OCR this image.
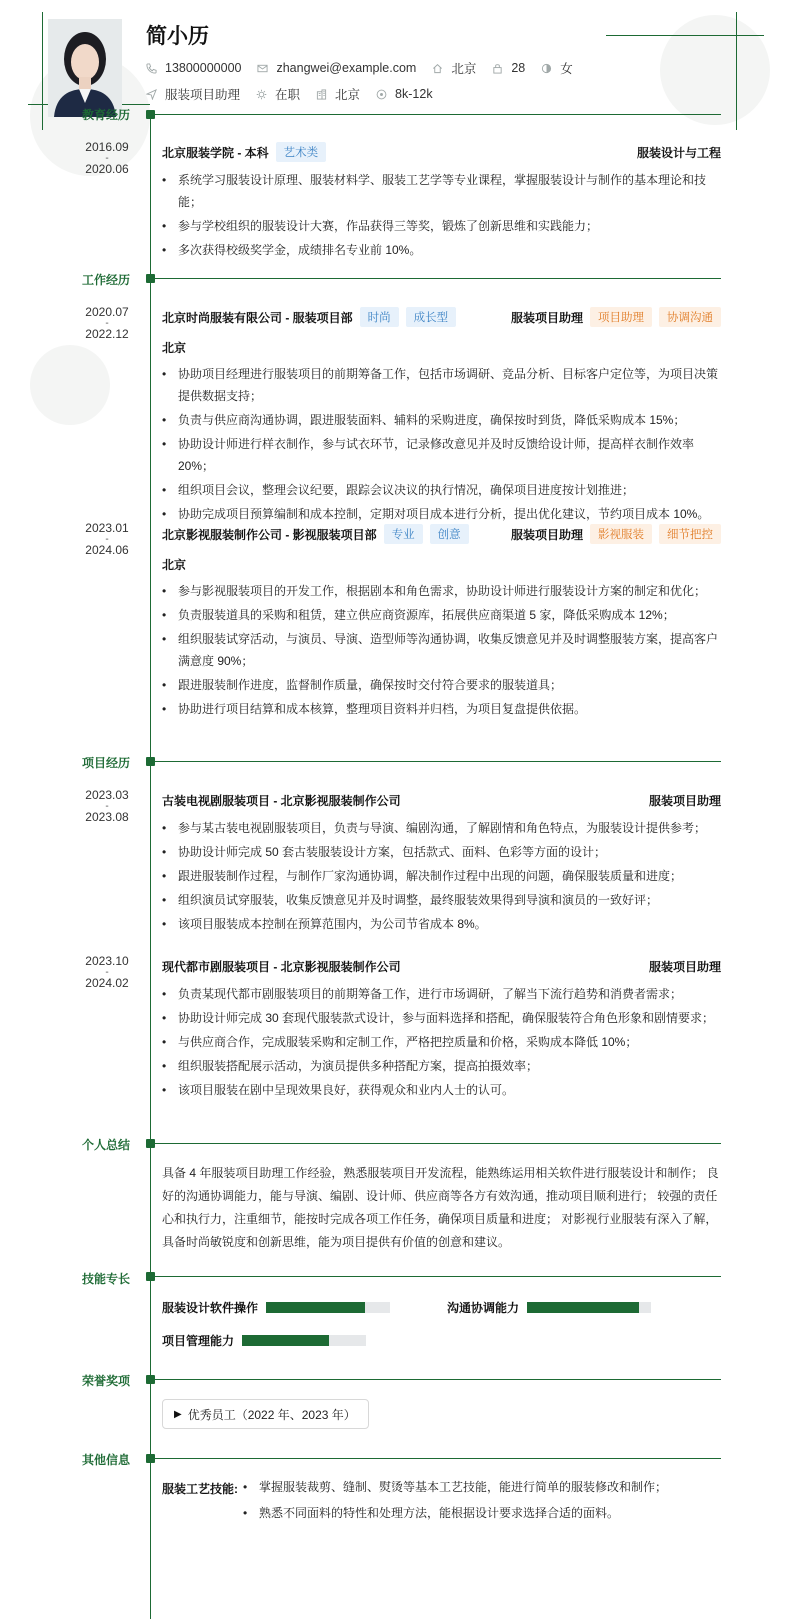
简小历
13800000000	zhangwei@example.com	北京	28	女
服装项目助理	在职	北京	8k-12k
教育经历
2016.09
-
2020.06
北京服装学院 - 本科	艺术类	服装设计与工程
• 系统学习服装设计原理、服装材料学、服装工艺学等专业课程，掌握服装设计与制作的基本理论和技能；
• 参与学校组织的服装设计大赛，作品获得三等奖，锻炼了创新思维和实践能力；
• 多次获得校级奖学金，成绩排名专业前 10%。
工作经历
2020.07
-
2022.12
北京时尚服装有限公司 - 服装项目部	时尚	成长型	服装项目助理	项目助理	协调沟通
北京
• 协助项目经理进行服装项目的前期筹备工作，包括市场调研、竞品分析、目标客户定位等，为项目决策提供数据支持；
• 负责与供应商沟通协调，跟进服装面料、辅料的采购进度，确保按时到货，降低采购成本 15%；
• 协助设计师进行样衣制作，参与试衣环节，记录修改意见并及时反馈给设计师，提高样衣制作效率 20%；
• 组织项目会议，整理会议纪要，跟踪会议决议的执行情况，确保项目进度按计划推进；
• 协助完成项目预算编制和成本控制，定期对项目成本进行分析，提出优化建议，节约项目成本 10%。
2023.01
-
2024.06
北京影视服装制作公司 - 影视服装项目部	专业	创意	服装项目助理	影视服装	细节把控
北京
• 参与影视服装项目的开发工作，根据剧本和角色需求，协助设计师进行服装设计方案的制定和优化；
• 负责服装道具的采购和租赁，建立供应商资源库，拓展供应商渠道 5 家，降低采购成本 12%；
• 组织服装试穿活动，与演员、导演、造型师等沟通协调，收集反馈意见并及时调整服装方案，提高客户满意度 90%；
• 跟进服装制作进度，监督制作质量，确保按时交付符合要求的服装道具；
• 协助进行项目结算和成本核算，整理项目资料并归档，为项目复盘提供依据。
项目经历
2023.03
-
2023.08
古装电视剧服装项目 - 北京影视服装制作公司	服装项目助理
• 参与某古装电视剧服装项目，负责与导演、编剧沟通，了解剧情和角色特点，为服装设计提供参考；
• 协助设计师完成 50 套古装服装设计方案，包括款式、面料、色彩等方面的设计；
• 跟进服装制作过程，与制作厂家沟通协调，解决制作过程中出现的问题，确保服装质量和进度；
• 组织演员试穿服装，收集反馈意见并及时调整，最终服装效果得到导演和演员的一致好评；
• 该项目服装成本控制在预算范围内，为公司节省成本 8%。
2023.10
-
2024.02
现代都市剧服装项目 - 北京影视服装制作公司	服装项目助理
• 负责某现代都市剧服装项目的前期筹备工作，进行市场调研，了解当下流行趋势和消费者需求；
• 协助设计师完成 30 套现代服装款式设计，参与面料选择和搭配，确保服装符合角色形象和剧情要求；
• 与供应商合作，完成服装采购和定制工作，严格把控质量和价格，采购成本降低 10%；
• 组织服装搭配展示活动，为演员提供多种搭配方案，提高拍摄效率；
• 该项目服装在剧中呈现效果良好，获得观众和业内人士的认可。
个人总结
具备 4 年服装项目助理工作经验，熟悉服装项目开发流程，能熟练运用相关软件进行服装设计和制作； 良好的沟通协调能力，能与导演、编剧、设计师、供应商等各方有效沟通，推动项目顺利进行； 较强的责任心和执行力，注重细节，能按时完成各项工作任务，确保项目质量和进度； 对影视行业服装有深入了解，具备时尚敏锐度和创新思维，能为项目提供有价值的创意和建议。
技能专长
服装设计软件操作	沟通协调能力
项目管理能力
荣誉奖项
▶ 优秀员工（2022 年、2023 年）
其他信息
服装工艺技能:
•	掌握服装裁剪、缝制、熨烫等基本工艺技能，能进行简单的服装修改和制作；
• 熟悉不同面料的特性和处理方法，能根据设计要求选择合适的面料。
